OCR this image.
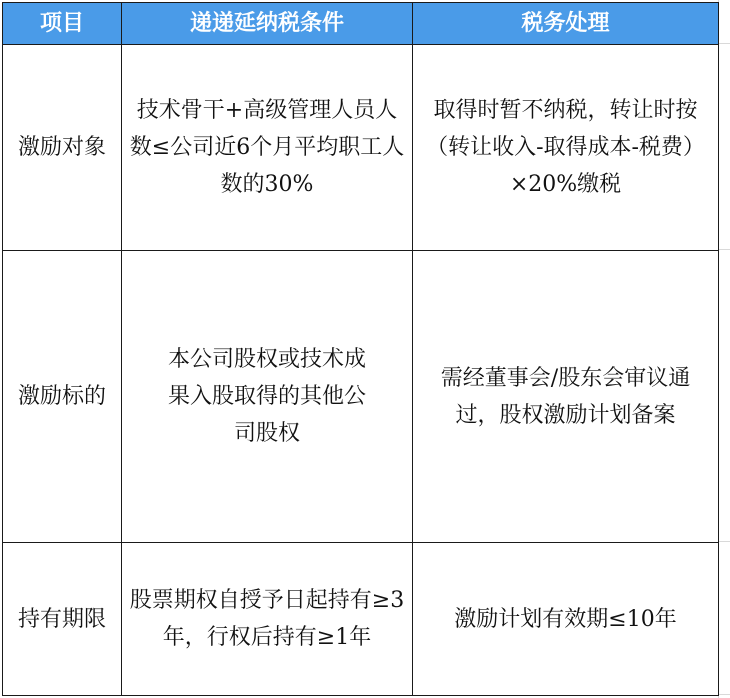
项目	递递延纳税条件	税务处理

激励对象	技术骨干+高级管理人员人数≤公司近6个月平均职工人数的30%	取得时暂不纳税，转让时按（转让收入-取得成本-税费）×20%缴税

激励标的	本公司股权或技术成果入股取得的其他公司股权	需经董事会/股东会审议通过，股权激励计划备案

持有期限	股票期权自授予日起持有≥3年，行权后持有≥1年	激励计划有效期≤10年
